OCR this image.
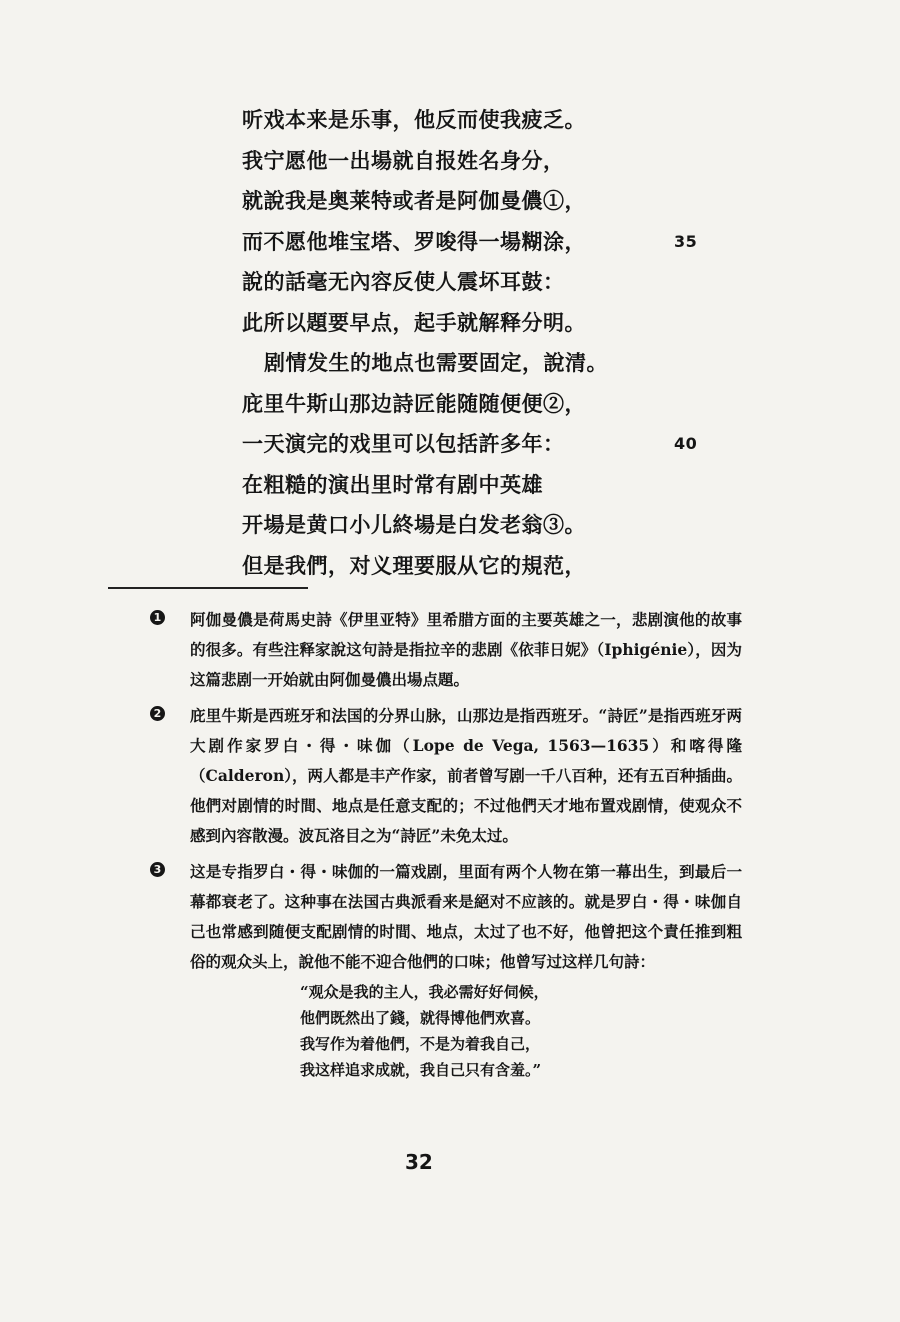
听戏本来是乐事，他反而使我疲乏。
我宁愿他一出場就自报姓名身分，
就說我是奥莱特或者是阿伽曼儂①，
而不愿他堆宝塔、罗唆得一場糊涂，	35
說的話毫无內容反使人震坏耳鼓：
此所以題要早点，起手就解释分明。
剧情发生的地点也需要固定，說清。
庇里牛斯山那边詩匠能随随便便②，
一天演完的戏里可以包括許多年：	40
在粗糙的演出里时常有剧中英雄
开場是黄口小儿終場是白发老翁③。
但是我們，对义理要服从它的規范，
1 阿伽曼儂是荷馬史詩《伊里亚特》里希腊方面的主要英雄之一，悲剧演他的故事的很多。有些注释家說这句詩是指拉辛的悲剧《依菲日妮》（Iphigénie），因为这篇悲剧一开始就由阿伽曼儂出場点題。
2 庇里牛斯是西班牙和法国的分界山脉，山那边是指西班牙。“詩匠”是指西班牙两大剧作家罗白・得・味伽（Lope de Vega, 1563—1635）和喀得隆（Calderon），两人都是丰产作家，前者曾写剧一千八百种，还有五百种插曲。他們对剧情的时間、地点是任意支配的；不过他們天才地布置戏剧情，使观众不感到內容散漫。波瓦洛目之为“詩匠”未免太过。
3 这是专指罗白・得・味伽的一篇戏剧，里面有两个人物在第一幕出生，到最后一幕都衰老了。这种事在法国古典派看来是絕对不应該的。就是罗白・得・味伽自己也常感到随便支配剧情的时間、地点，太过了也不好，他曾把这个責任推到粗俗的观众头上，說他不能不迎合他們的口味；他曾写过这样几句詩：
“观众是我的主人，我必需好好伺候，
他們既然出了錢，就得博他們欢喜。
我写作为着他們，不是为着我自己，
我这样追求成就，我自己只有含羞。”
32
